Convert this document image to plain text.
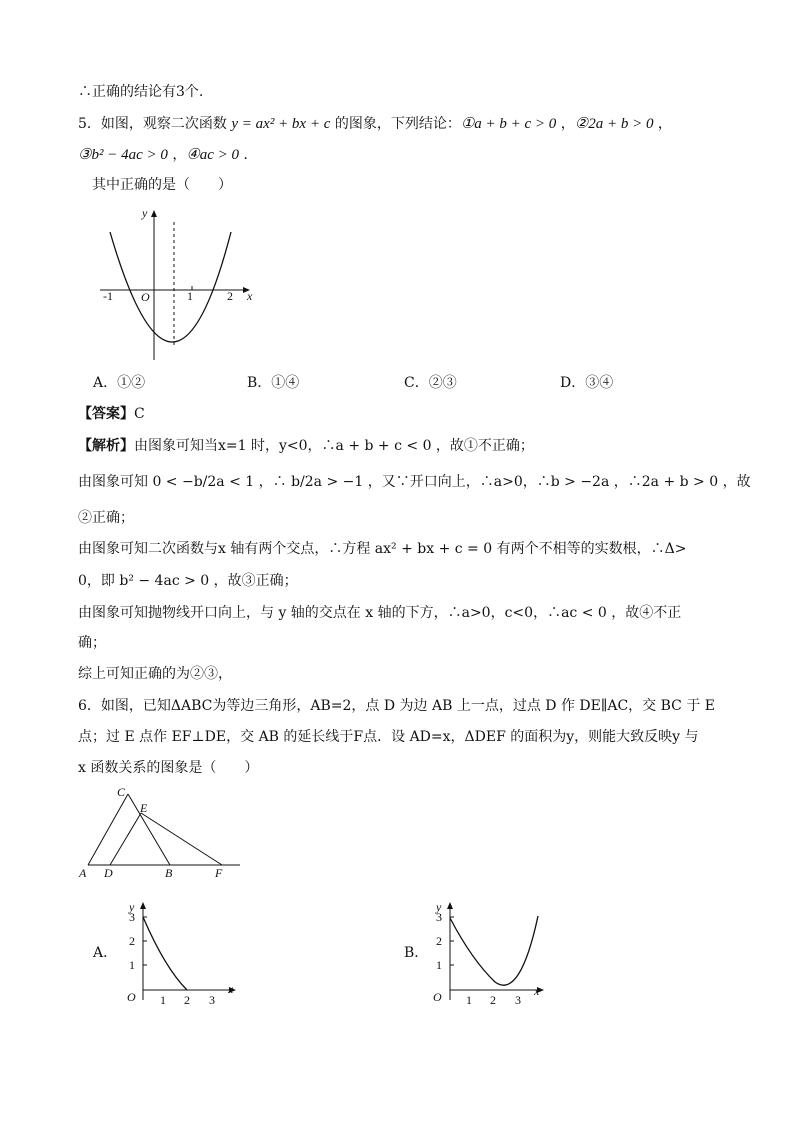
∴正确的结论有3个.
5．如图，观察二次函数 y = ax² + bx + c 的图象，下列结论：①a + b + c > 0 ，②2a + b > 0 ，
③b² − 4ac > 0 ，④ac > 0 ．
其中正确的是（　　）
y
x
O
-1	1	2
A．①②	B．①④	C．②③	D．③④
【答案】C
【解析】由图象可知当x=1 时，y<0，∴a + b + c < 0 ，故①不正确；
由图象可知 0 < −b/2a < 1 ，∴ b/2a > −1 ，又∵开口向上，∴a>0，∴b > −2a ，∴2a + b > 0 ，故
②正确；
由图象可知二次函数与x 轴有两个交点，∴方程 ax² + bx + c = 0 有两个不相等的实数根，∴Δ>
0，即 b² − 4ac > 0 ，故③正确；
由图象可知抛物线开口向上，与 y 轴的交点在 x 轴的下方，∴a>0，c<0，∴ac < 0 ，故④不正
确；
综上可知正确的为②③，
6．如图，已知ΔABC为等边三角形，AB=2，点 D 为边 AB 上一点，过点 D 作 DE∥AC，交 BC 于 E
点；过 E 点作 EF⊥DE，交 AB 的延长线于F点．设 AD=x，ΔDEF 的面积为y，则能大致反映y 与
x 函数关系的图象是（　　）
A D	B	F
C
E
A．
y
x
O
3
2
1
1 2 3
B．
y
x
O
3
2
1
1 2 3
